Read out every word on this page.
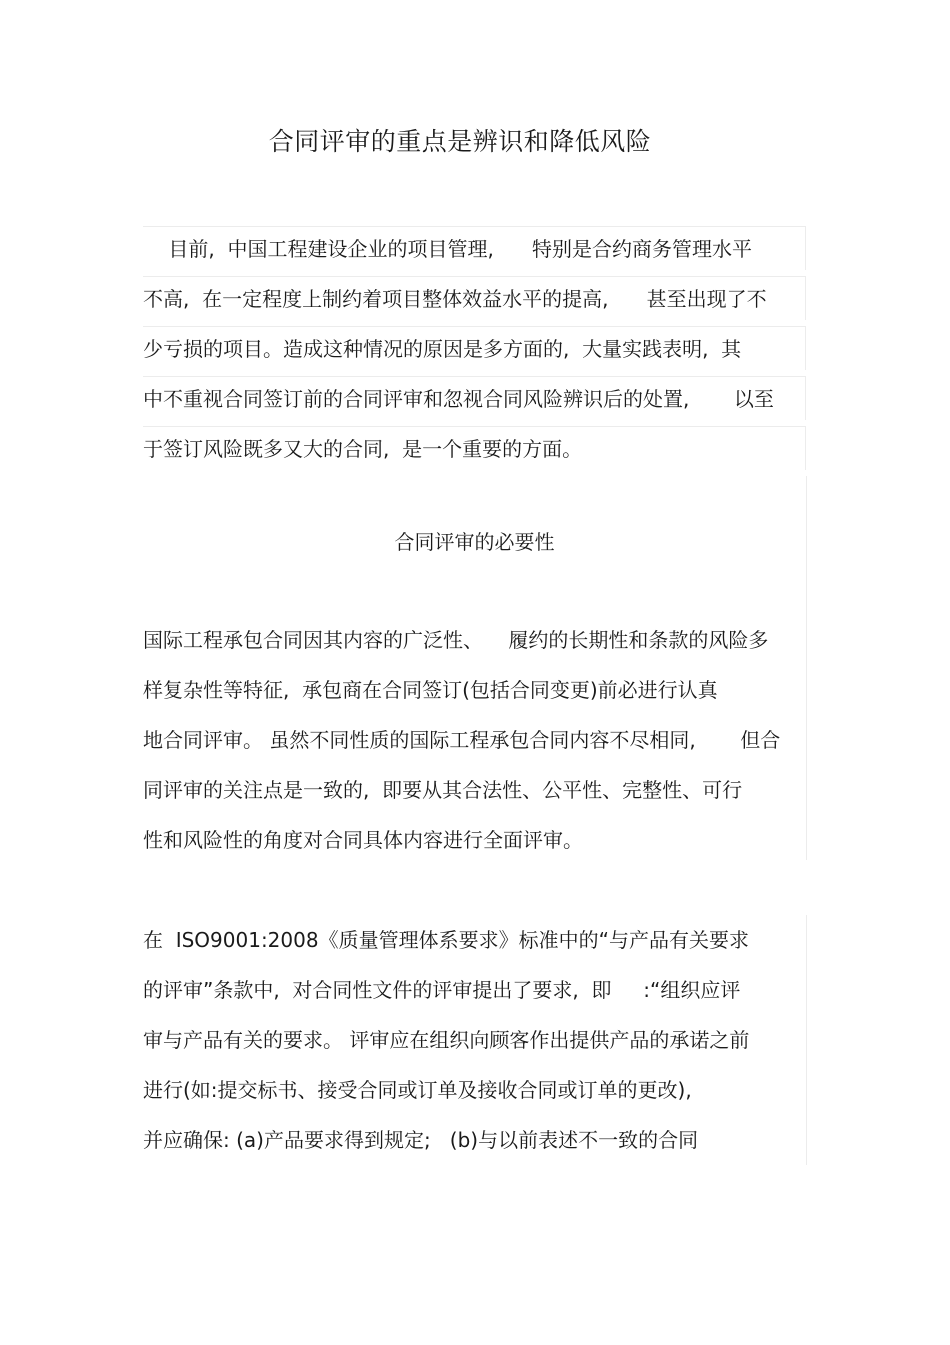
合同评审的重点是辨识和降低风险
目前,  中国工程建设企业的项目管理,      特别是合约商务管理水平
不高,  在一定程度上制约着项目整体效益水平的提高,      甚至出现了不
少亏损的项目。造成这种情况的原因是多方面的,  大量实践表明,  其
中不重视合同签订前的合同评审和忽视合同风险辨识后的处置,       以至
于签订风险既多又大的合同,  是一个重要的方面。
合同评审的必要性
国际工程承包合同因其内容的广泛性、    履约的长期性和条款的风险多
样复杂性等特征,  承包商在合同签订(包括合同变更)前必进行认真
地合同评审。 虽然不同性质的国际工程承包合同内容不尽相同,       但合
同评审的关注点是一致的,  即要从其合法性、公平性、完整性、可行
性和风险性的角度对合同具体内容进行全面评审。
在  ISO9001:2008《质量管理体系要求》标准中的“与产品有关要求
的评审”条款中,  对合同性文件的评审提出了要求,  即     :“组织应评
审与产品有关的要求。 评审应在组织向顾客作出提供产品的承诺之前
进行(如:提交标书、接受合同或订单及接收合同或订单的更改),
并应确保: (a)产品要求得到规定;   (b)与以前表述不一致的合同
